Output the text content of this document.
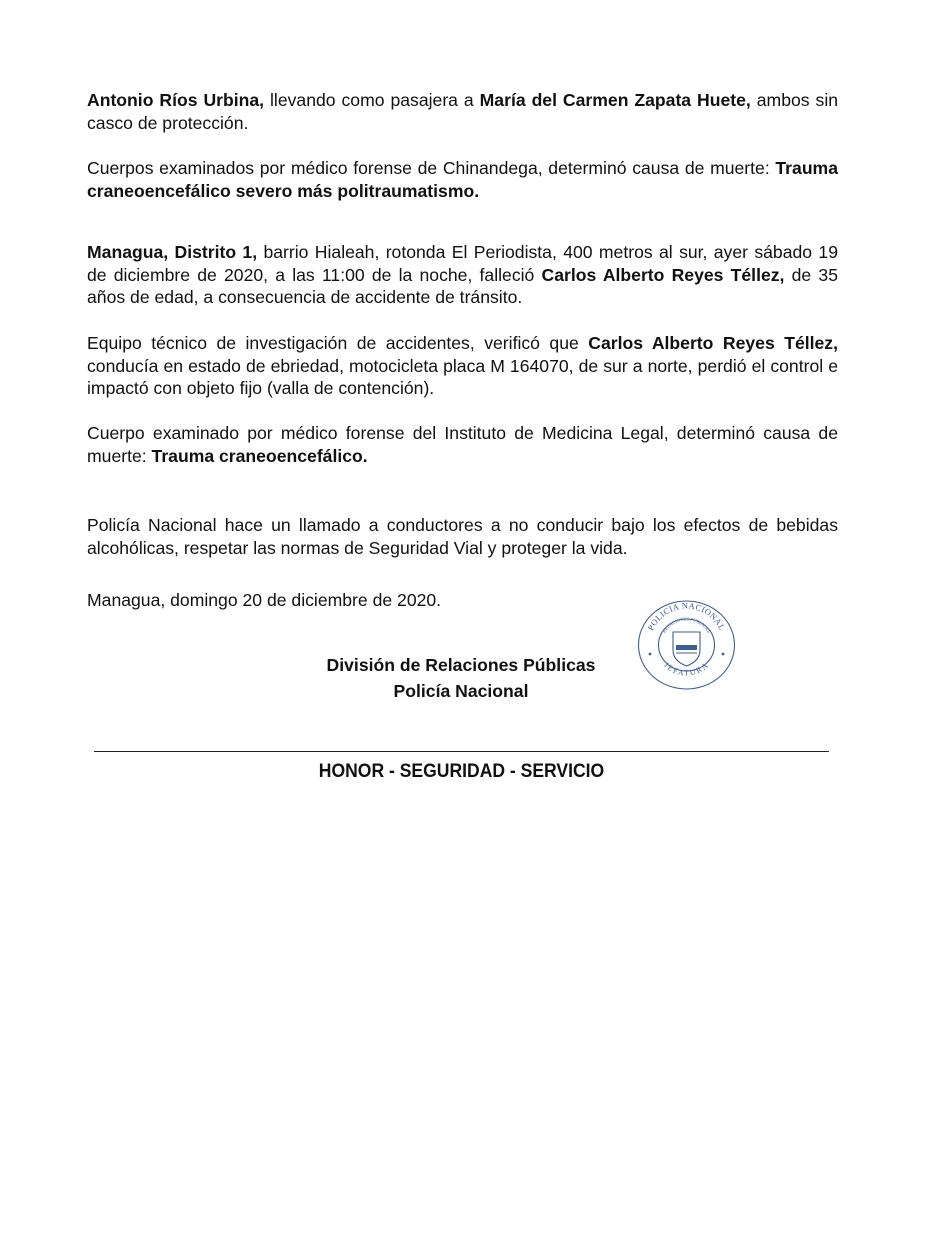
Antonio Ríos Urbina, llevando como pasajera a María del Carmen Zapata Huete, ambos sin casco de protección.

Cuerpos examinados por médico forense de Chinandega, determinó causa de muerte: Trauma craneoencefálico severo más politraumatismo.

Managua, Distrito 1, barrio Hialeah, rotonda El Periodista, 400 metros al sur, ayer sábado 19 de diciembre de 2020, a las 11:00 de la noche, falleció Carlos Alberto Reyes Téllez, de 35 años de edad, a consecuencia de accidente de tránsito.

Equipo técnico de investigación de accidentes, verificó que Carlos Alberto Reyes Téllez, conducía en estado de ebriedad, motocicleta placa M 164070, de sur a norte, perdió el control e impactó con objeto fijo (valla de contención).

Cuerpo examinado por médico forense del Instituto de Medicina Legal, determinó causa de muerte: Trauma craneoencefálico.

Policía Nacional hace un llamado a conductores a no conducir bajo los efectos de bebidas alcohólicas, respetar las normas de Seguridad Vial y proteger la vida.

Managua, domingo 20 de diciembre de 2020.

POLICIA NACIONAL
RELACIONES PUBLICAS
JEFATURA
División de Relaciones Públicas
Policía Nacional
HONOR - SEGURIDAD - SERVICIO
